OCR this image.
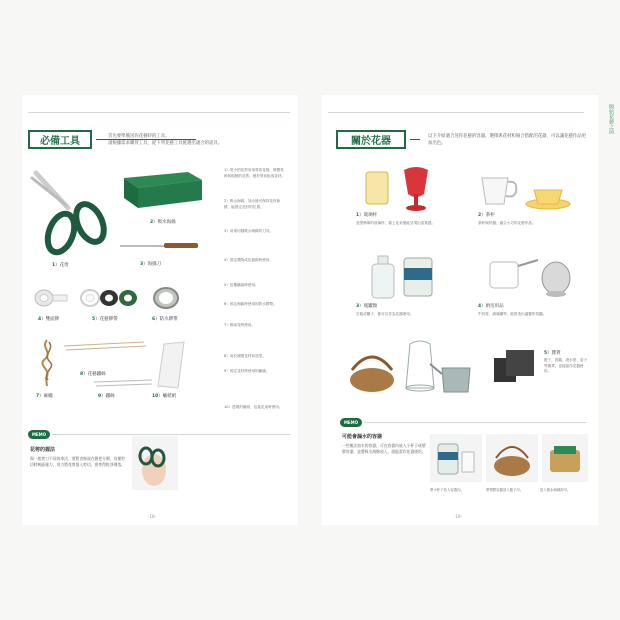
必備工具	首先要準備送你花藝時的工具。
請根據需求購買工具，從下列花藝工具挑選出適合的道具。
1）花剪
2）吸水海綿
3）海綿刀
4）雙面膠	5）花藝膠帶	6）防水膠帶
7）麻繩
8）花藝鐵絲
9）鐵絲	10）蠟紙紙
1）短小的花剪用來剪切花梗，修整枝幹和粗梗的花剪，便於剪切組成花材。
2）吸水海綿，加水後可保持花材新鮮，能固定花材的位置。
3）用來切割吸水海綿的刀具。
4）固定禮物或包裝紙時使用。
5）包覆鐵絲時使用。
6）固定海綿時使用的防水膠帶。
7）綁束花時使用。
8）用於補強花材和造型。
9）固定花材時使用的鐵絲。
10）透明的蠟紙，包裝花束時使用。
MEMO
花剪的握法
與一般剪刀不同的拿法，要將食指放在握把分側，這樣剪切時較能施力，用力將花剪插入剪切，會剪得乾淨俐落。
-18-
開始花藝之前
關於花器	以下介紹適合送你花藝的容器，選擇與花材和場合搭配的花器，可以讓花藝作品更加出色。
1）玻璃杯
造型簡單的玻璃杯，插上花朵便能呈現出清爽感。
2）茶杯
茶杯與杯盤，適合小巧的花藝作品。
3）瓶罐類
空瓶或罐子，都可以作為花器使用。
4）廚房用品
牛奶壺、調味罐等，能營造出溫馨的氛圍。
5）雜貨
籃子、鳥籠、澆水壺、盒子等雜貨，也能當作花器使用。
MEMO
可能會漏水的容器
一些無法加水的容器，可在容器內放入小杯子或塑膠容器，並將吸水海綿放入，就能當作花器使用。
將小杯子放入容器內。	將塑膠容器放入籃子內。	放入吸水海綿即可。
-19-
